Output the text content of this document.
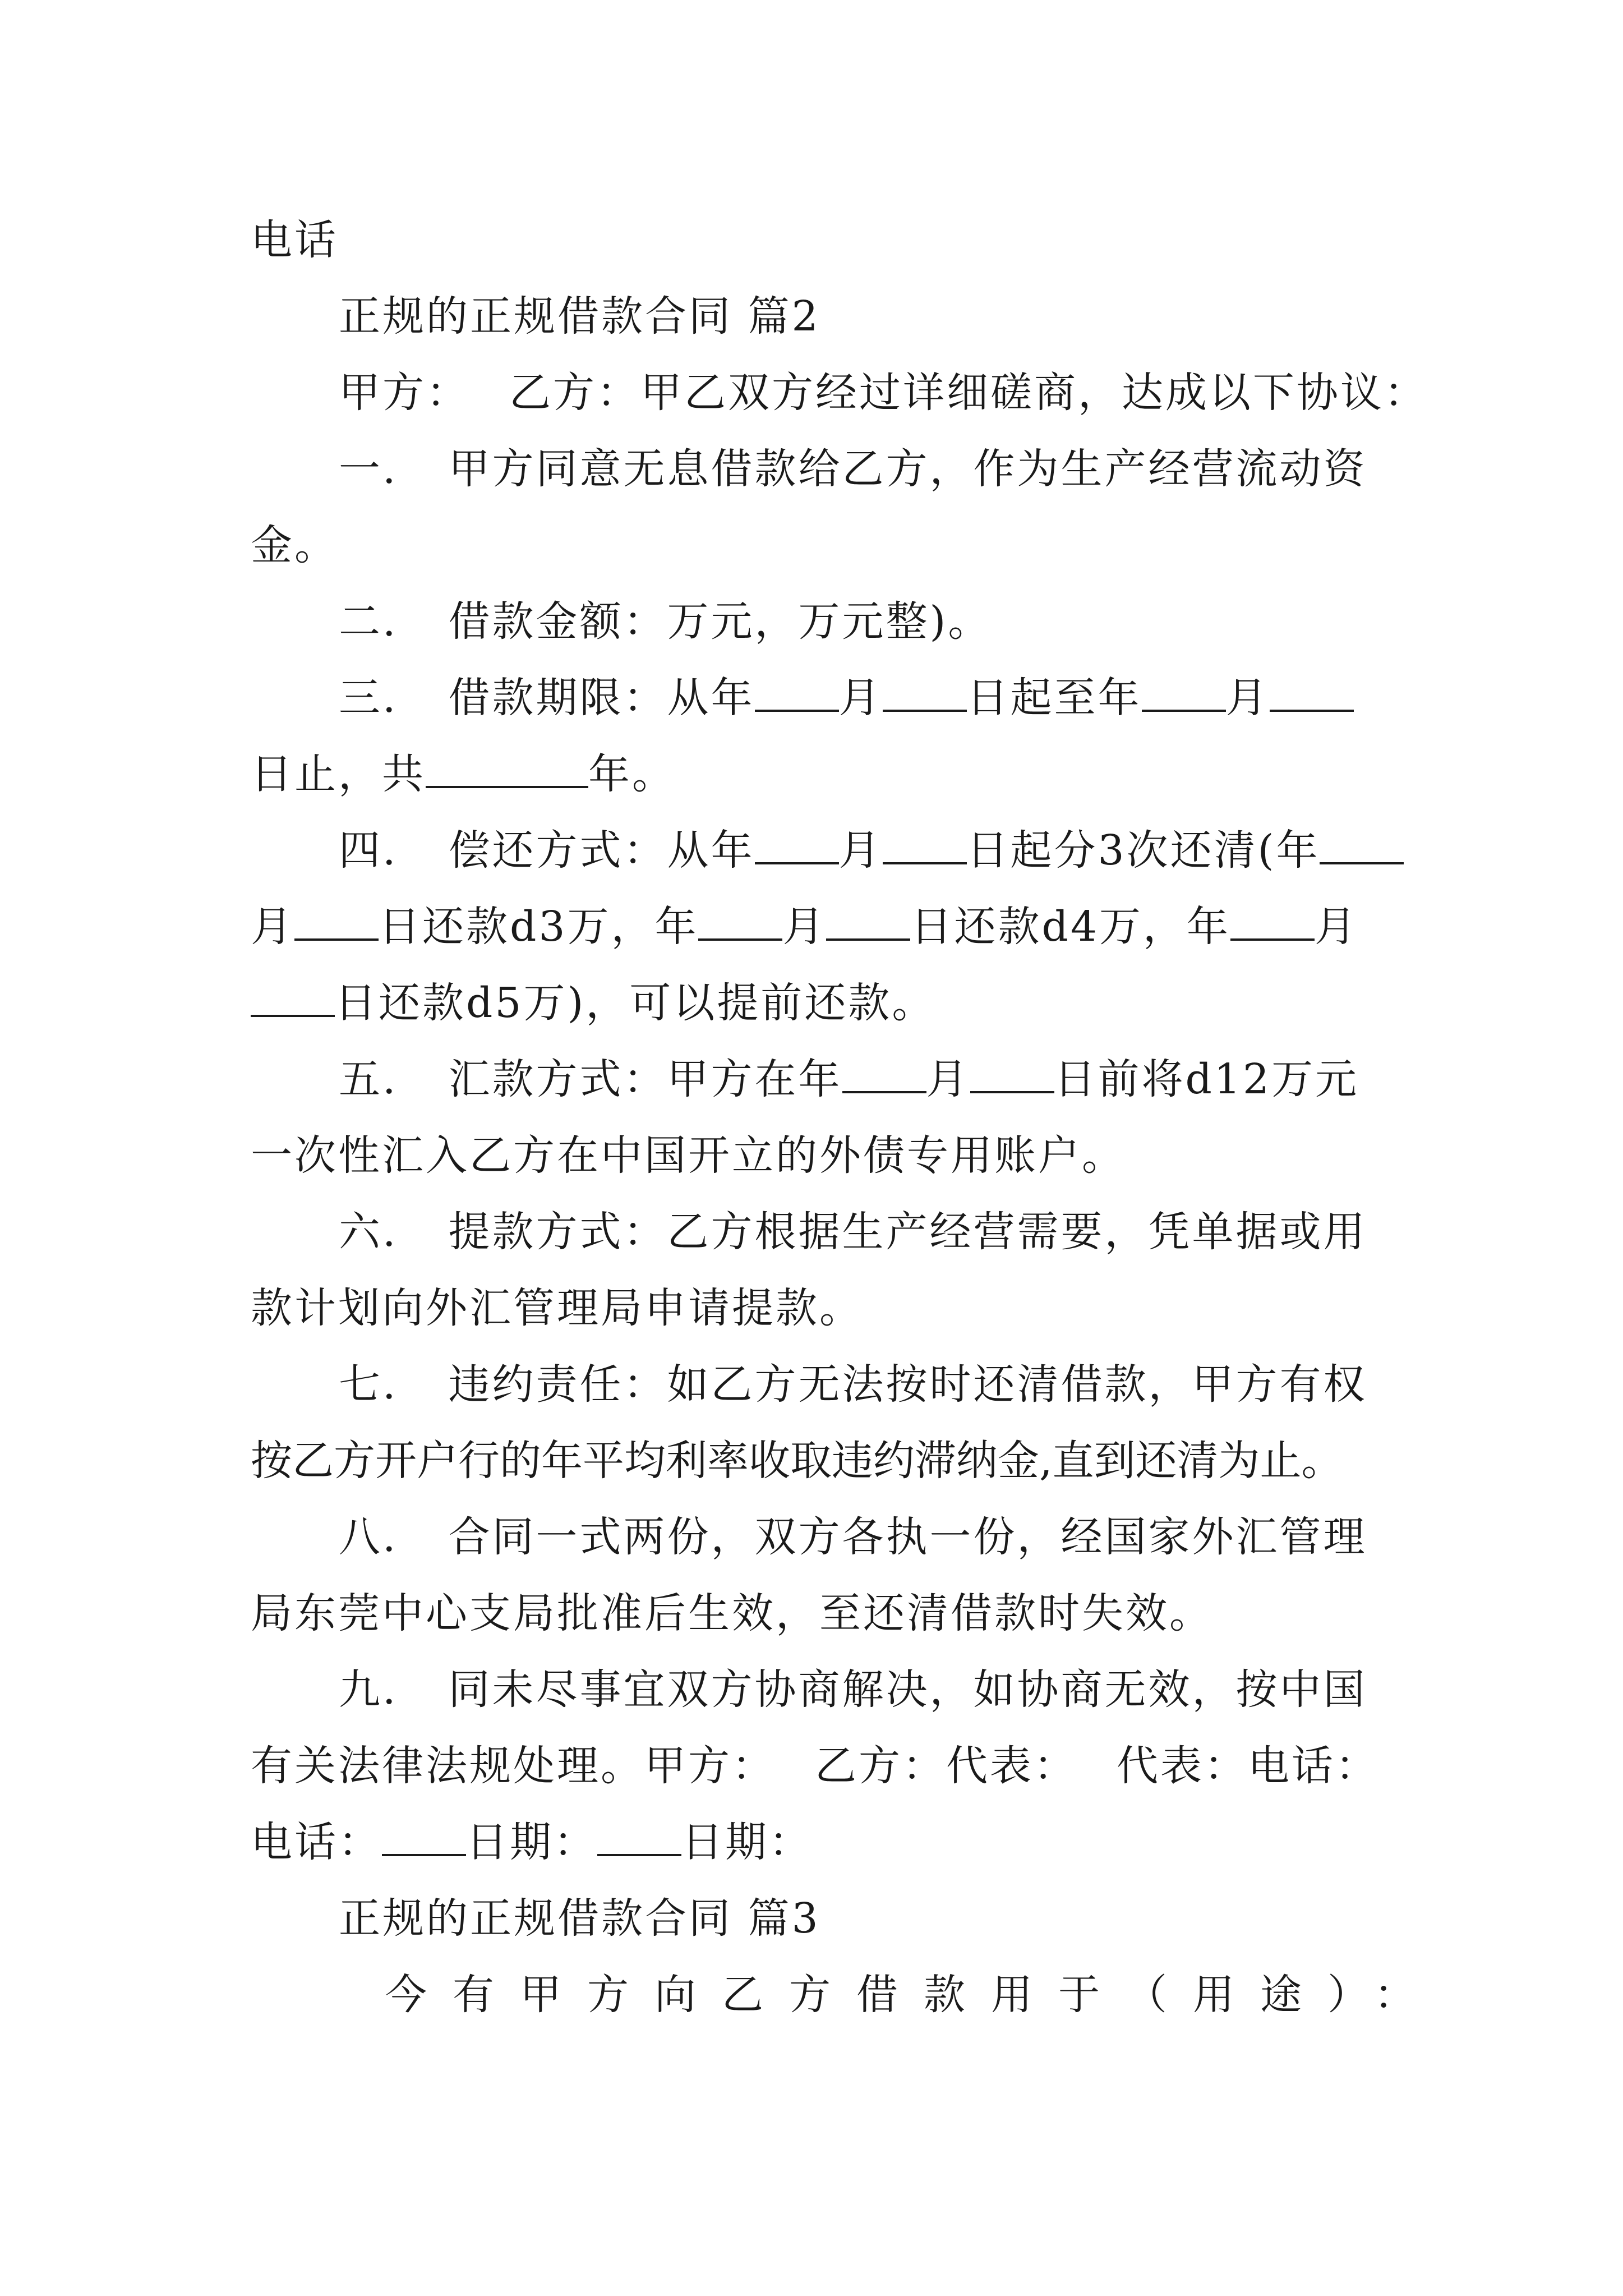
电话
正规的正规借款合同 篇2
甲方： 乙方：甲乙双方经过详细磋商，达成以下协议：
一. 甲方同意无息借款给乙方，作为生产经营流动资
金。
二. 借款金额：万元，万元整)。
三. 借款期限：从年 月 日起至年 月
日止，共	年。
四. 偿还方式：从年 月 日起分3次还清(年
月 日还款d3万，年 月 日还款d4万，年 月
日还款d5万)，可以提前还款。
五. 汇款方式：甲方在年 月 日前将d12万元
一次性汇入乙方在中国开立的外债专用账户。
六. 提款方式：乙方根据生产经营需要，凭单据或用
款计划向外汇管理局申请提款。
七. 违约责任：如乙方无法按时还清借款，甲方有权
按乙方开户行的年平均利率收取违约滞纳金,直到还清为止。
八. 合同一式两份，双方各执一份，经国家外汇管理
局东莞中心支局批准后生效，至还清借款时失效。
九. 同未尽事宜双方协商解决，如协商无效，按中国
有关法律法规处理。甲方： 乙方：代表： 代表：电话：
电话： 日期： 日期：
正规的正规借款合同 篇3
今有甲方向乙方借款用于（用途）：
